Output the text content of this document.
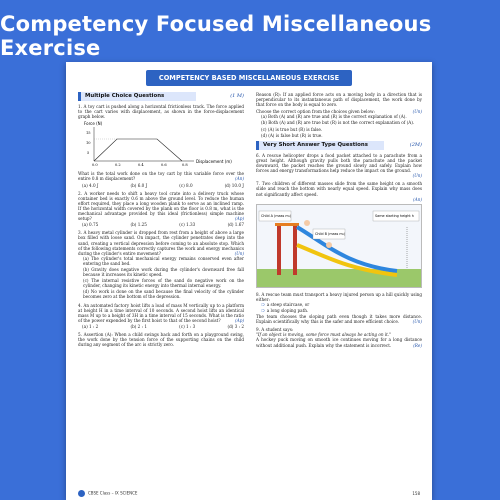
Competency Focused Miscellaneous Exercise
COMPETENCY BASED MISCELLANEOUS EXERCISE
Multiple Choice Questions	(1 M)
1. A toy cart is pushed along a horizontal frictionless track. The force applied to the cart varies with displacement, as shown in the force-displacement graph below.
Force (N)
15
10
5
0.0	0.2	0.4	0.6	0.8
Displacement (m)
What is the total work done on the toy cart by this variable force over the entire 0.8 m displacement?	(An)
(a) 4.0 J	(b) 6.0 J	(c) 8.0	(d) 10.0 J
2. A worker needs to shift a heavy tool crate into a delivery truck whose container bed is exactly 0.6 m above the ground level. To reduce the human effort required, they place a long wooden plank to serve as an inclined ramp. If the horizontal width covered by the plank on the floor is 0.8 m, what is the mechanical advantage provided by this ideal (frictionless) simple machine setup?	(Ap)
(a) 0.75	(b) 1.25	(c) 1.33	(d) 1.67
3. A heavy metal cylinder is dropped from rest from a height of above a large box filled with loose sand. On impact, the cylinder penetrates deep into the sand, creating a vertical depression before coming to an absolute stop. Which of the following statements correctly captures the work and energy mechanics during the cylinder's entire movement?	(Un)
(a) The cylinder's total mechanical energy remains conserved even after entering the sand bed.
(b) Gravity does negative work during the cylinder's downward free fall because it increases its kinetic speed.
(c) The internal resistive forces of the sand do negative work on the cylinder, changing its kinetic energy into thermal internal energy.
(d) No work is done on the sand because the final velocity of the cylinder becomes zero at the bottom of the depression.
4. An automated factory hoist lifts a load of mass M vertically up to a platform at height H in a time interval of 10 seconds. A second hoist lifts an identical mass M up to a height of 3H in a time interval of 15 seconds. What is the ratio of the power expended by the first hoist to that of the second hoist?	(Ap)
(a) 1 : 2	(b) 2 : 1	(c) 1 : 3	(d) 3 : 2
5. Assertion (A): When a child swings back and forth on a playground swing, the work done by the tension force of the supporting chains on the child during any segment of the arc is strictly zero.
Reason (R): If an applied force acts on a moving body in a direction that is perpendicular to its instantaneous path of displacement, the work done by that force on the body is equal to zero.
Choose the correct option from the choices given below:	(Un)
(a) Both (A) and (R) are true and (R) is the correct explanation of (A).
(b) Both (A) and (R) are true but (R) is not the correct explanation of (A).
(c) (A) is true but (R) is false.
(d) (A) is false but (R) is true.
Very Short Answer Type Questions	(2M)
6. A rescue helicopter drops a food packet attached to a parachute from a great height. Although gravity pulls both the parachute and the packet downward, the packet reaches the ground slowly and safely. Explain how forces and energy transformations help reduce the impact on the ground.
(Un)
7. Two children of different masses slide from the same height on a smooth slide and reach the bottom with nearly equal speed. Explain why mass does not significantly affect speed.
(An)
Child A (mass m₁)
Child B (mass m₂)
Same starting height h
8. A rescue team must transport a heavy injured person up a hill quickly using either:
❍ a steep staircase, or
❍ a long sloping path.
The team chooses the sloping path even though it takes more distance. Explain scientifically why this is the safer and more efficient choice.	(Un)
9. A student says:
"If an object is moving, some force must always be acting on it."
A hockey puck moving on smooth ice continues moving for a long distance without additional push. Explain why the statement is incorrect.	(Re)
CBSE Class – IX SCIENCE	158
